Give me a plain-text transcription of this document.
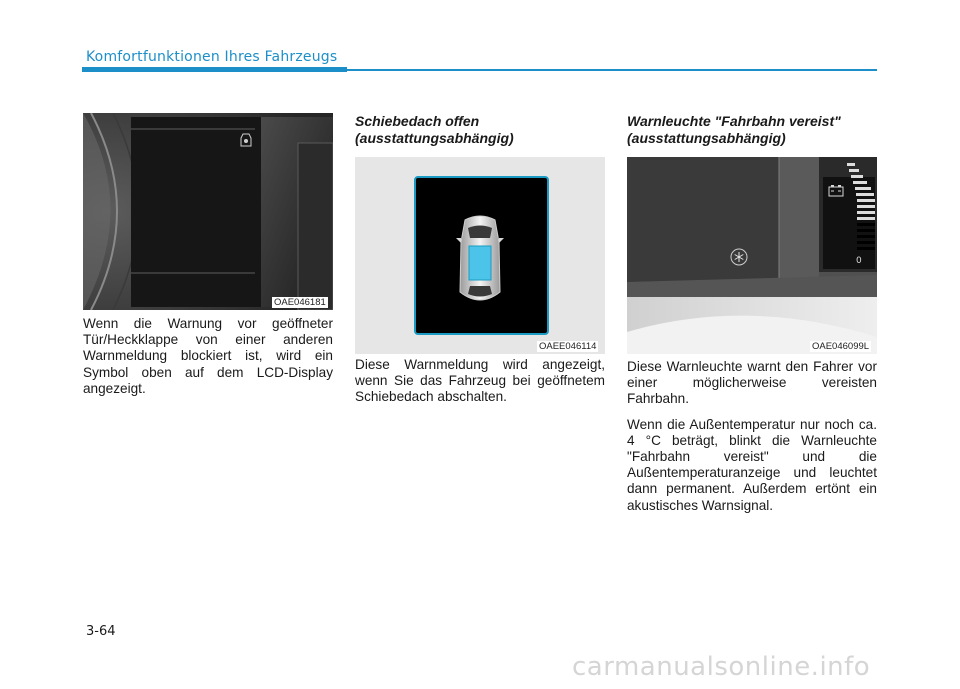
Komfortfunktionen Ihres Fahrzeugs
OAE046181

Wenn die Warnung vor geöffneter Tür/Heckklappe von einer anderen Warnmeldung blockiert ist, wird ein Symbol oben auf dem LCD-Display angezeigt.

Schiebedach offen
(ausstattungsabhängig)
OAEE046114

Diese Warnmeldung wird angezeigt, wenn Sie das Fahrzeug bei geöffnetem Schiebedach abschalten.

Warnleuchte "Fahrbahn vereist"
(ausstattungsabhängig)
0
OAE046099L

Diese Warnleuchte warnt den Fahrer vor einer möglicherweise vereisten Fahrbahn.

Wenn die Außentemperatur nur noch ca. 4 °C beträgt, blinkt die Warnleuchte "Fahrbahn vereist" und die Außentemperaturanzeige und leuchtet dann permanent. Außerdem ertönt ein akustisches Warnsignal.

3-64
carmanualsonline.info
